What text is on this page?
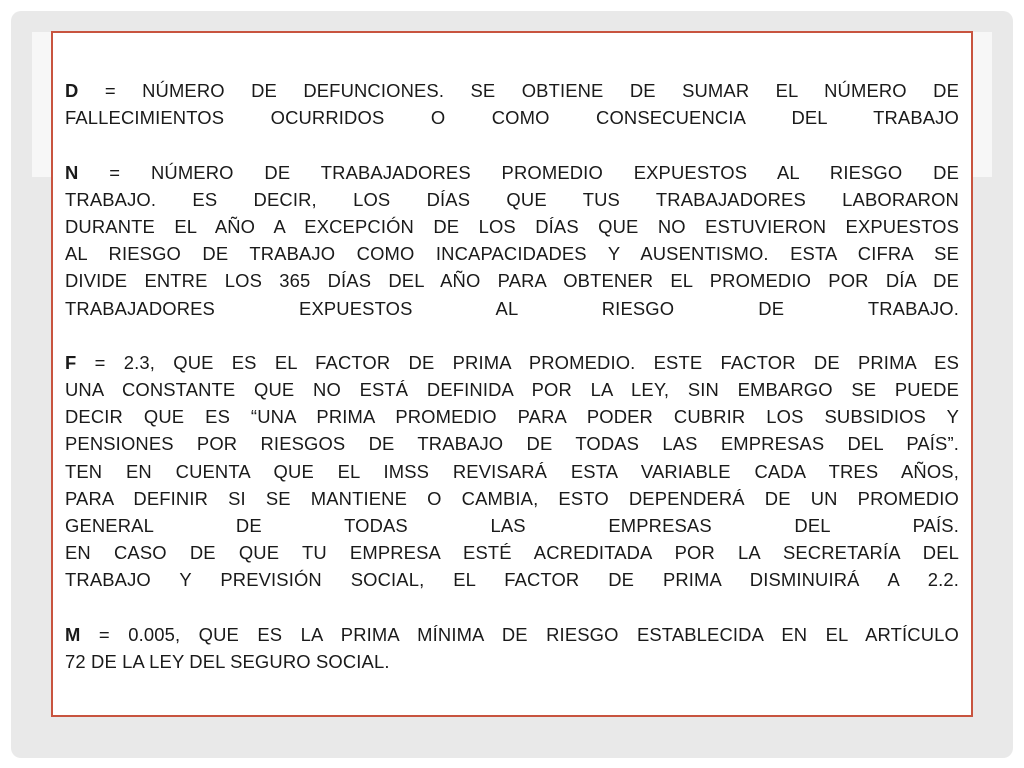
D = NÚMERO DE DEFUNCIONES. SE OBTIENE DE SUMAR EL NÚMERO DE
FALLECIMIENTOS OCURRIDOS O COMO CONSECUENCIA DEL TRABAJO
N = NÚMERO DE TRABAJADORES PROMEDIO EXPUESTOS AL RIESGO DE
TRABAJO. ES DECIR, LOS DÍAS QUE TUS TRABAJADORES LABORARON
DURANTE EL AÑO A EXCEPCIÓN DE LOS DÍAS QUE NO ESTUVIERON EXPUESTOS
AL RIESGO DE TRABAJO COMO INCAPACIDADES Y AUSENTISMO. ESTA CIFRA SE
DIVIDE ENTRE LOS 365 DÍAS DEL AÑO PARA OBTENER EL PROMEDIO POR DÍA DE
TRABAJADORES EXPUESTOS AL RIESGO DE TRABAJO.
F = 2.3, QUE ES EL FACTOR DE PRIMA PROMEDIO. ESTE FACTOR DE PRIMA ES
UNA CONSTANTE QUE NO ESTÁ DEFINIDA POR LA LEY, SIN EMBARGO SE PUEDE
DECIR QUE ES “UNA PRIMA PROMEDIO PARA PODER CUBRIR LOS SUBSIDIOS Y
PENSIONES POR RIESGOS DE TRABAJO DE TODAS LAS EMPRESAS DEL PAÍS”.
TEN EN CUENTA QUE EL IMSS REVISARÁ ESTA VARIABLE CADA TRES AÑOS,
PARA DEFINIR SI SE MANTIENE O CAMBIA, ESTO DEPENDERÁ DE UN PROMEDIO
GENERAL DE TODAS LAS EMPRESAS DEL PAÍS.
EN CASO DE QUE TU EMPRESA ESTÉ ACREDITADA POR LA SECRETARÍA DEL
TRABAJO Y PREVISIÓN SOCIAL, EL FACTOR DE PRIMA DISMINUIRÁ A 2.2.
M = 0.005, QUE ES LA PRIMA MÍNIMA DE RIESGO ESTABLECIDA EN EL ARTÍCULO
72 DE LA LEY DEL SEGURO SOCIAL.
